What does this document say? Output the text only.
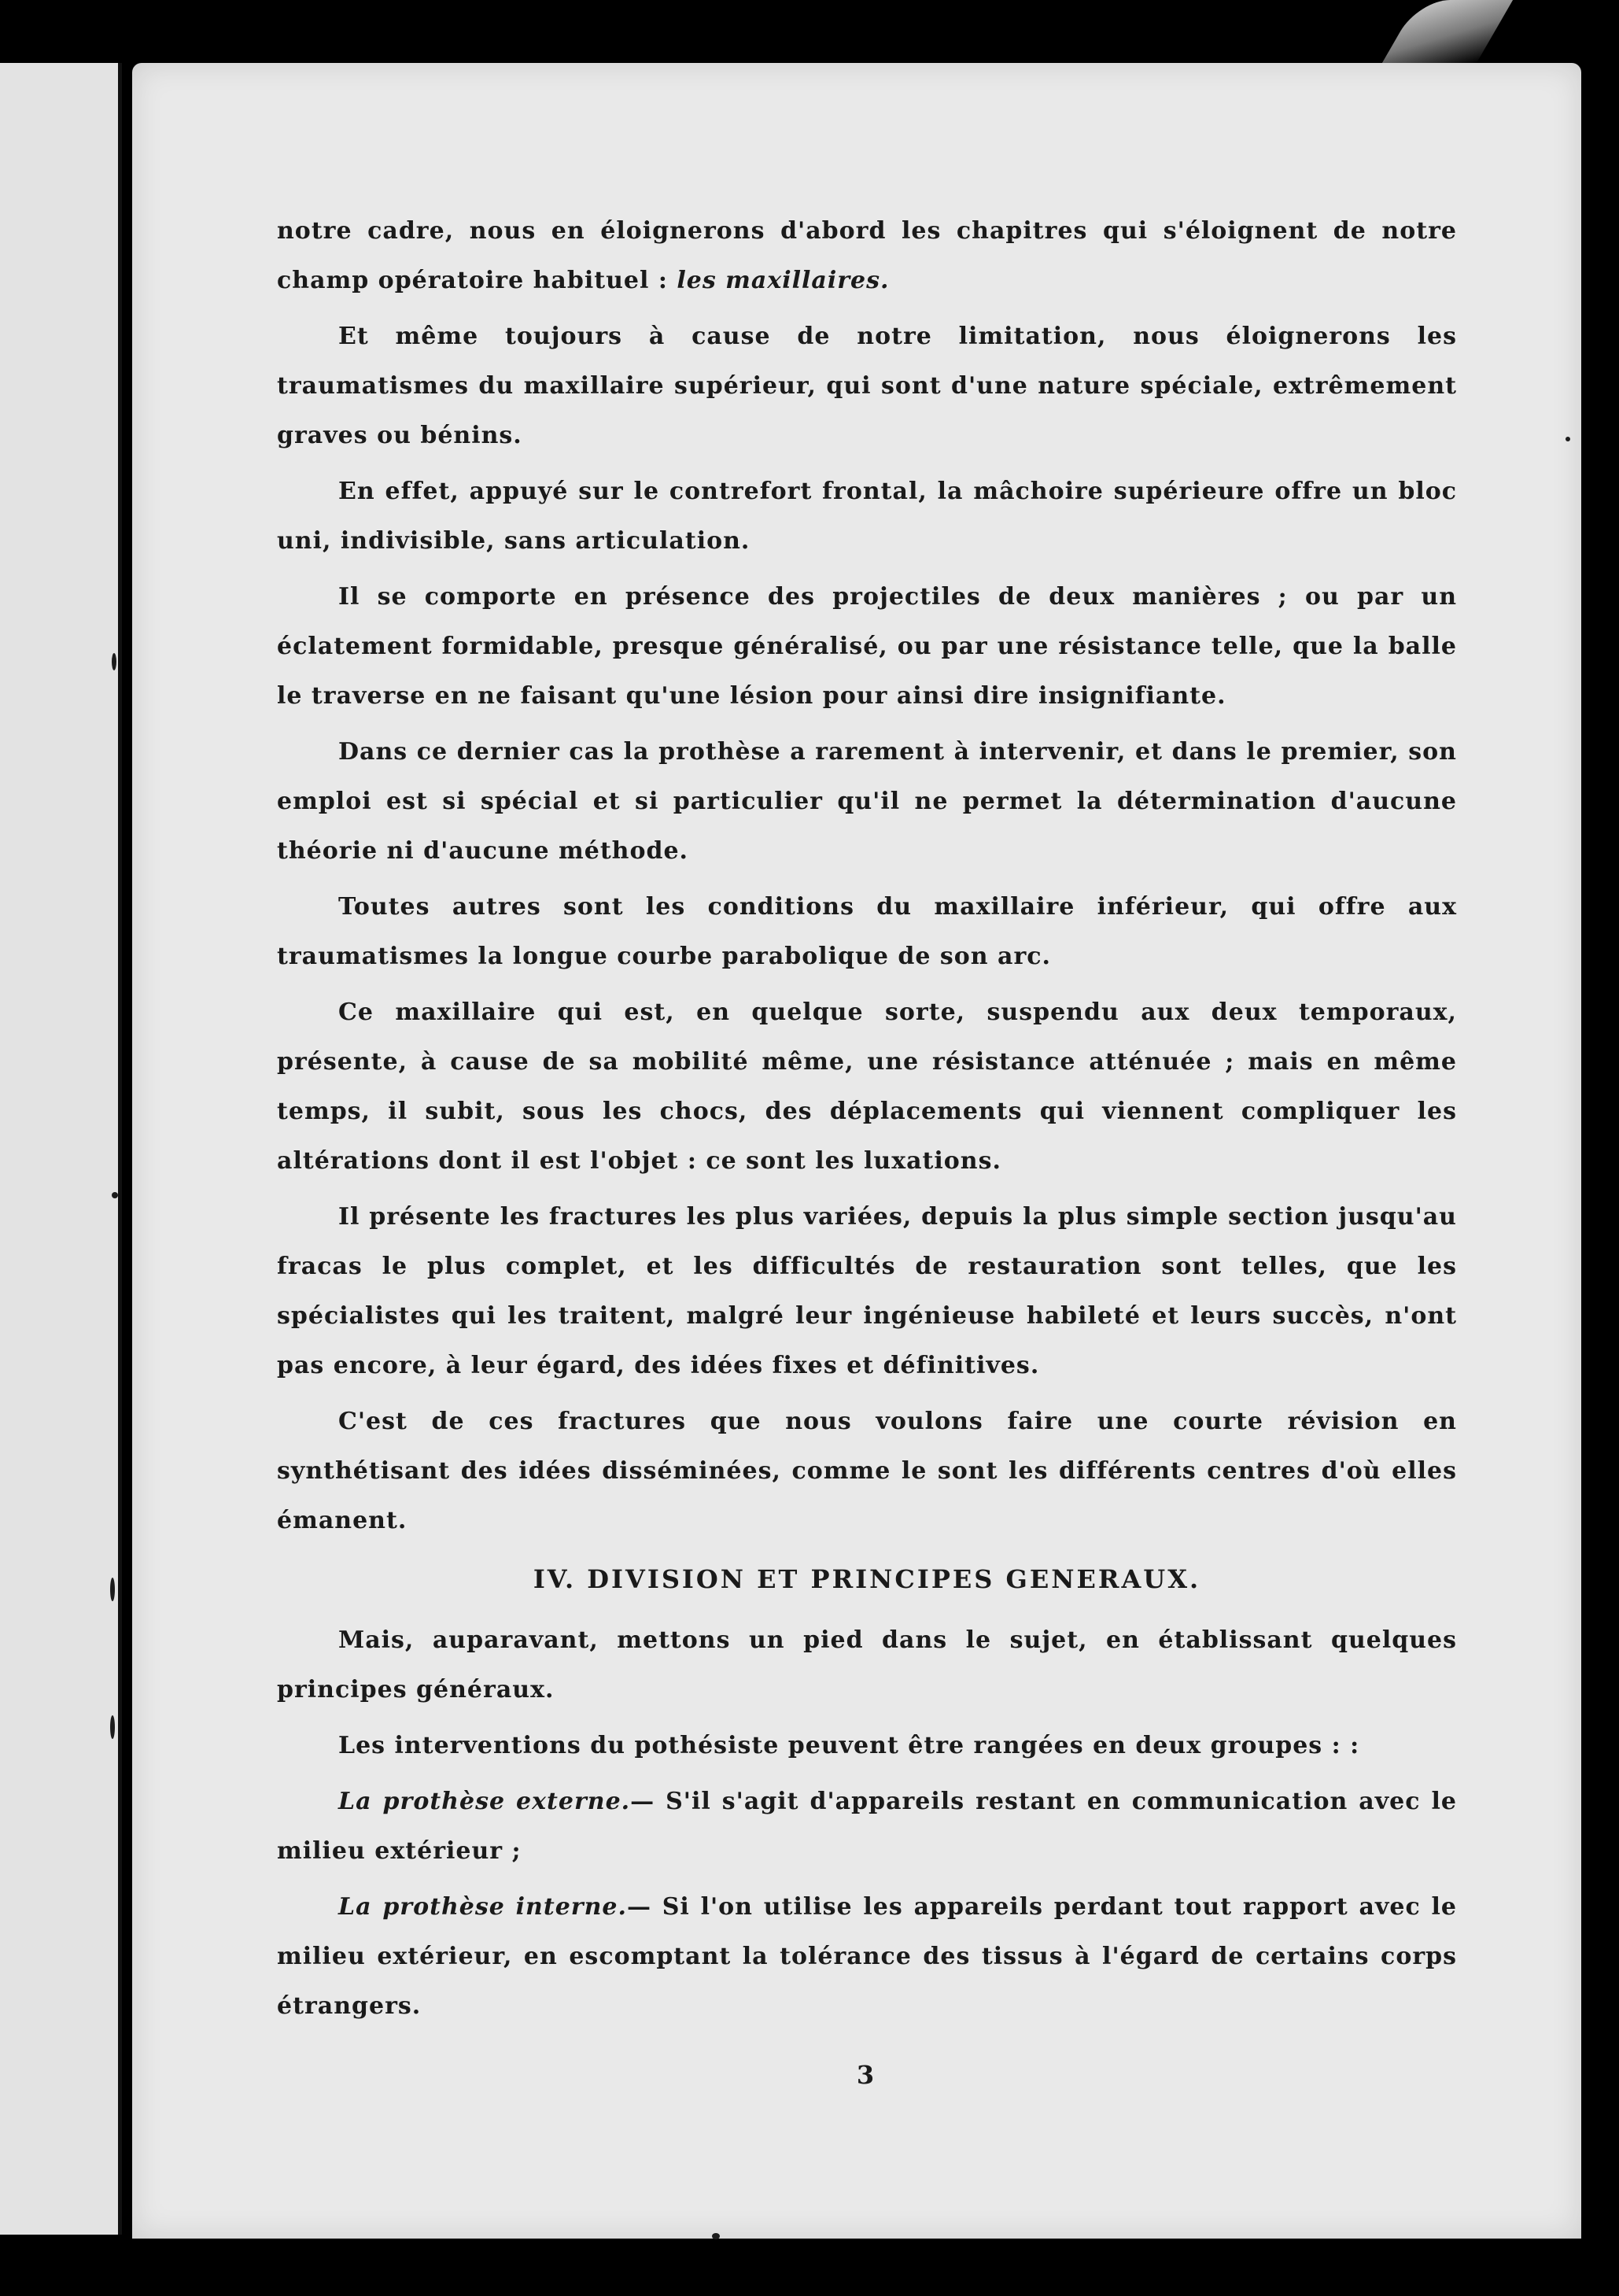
notre cadre, nous en éloignerons d'abord les chapitres qui s'éloignent de notre champ opératoire habituel : les maxillaires.

Et même toujours à cause de notre limitation, nous éloignerons les traumatismes du maxillaire supérieur, qui sont d'une nature spéciale, extrêmement graves ou bénins.

En effet, appuyé sur le contrefort frontal, la mâchoire supérieure offre un bloc uni, indivisible, sans articulation.

Il se comporte en présence des projectiles de deux manières ; ou par un éclatement formidable, presque généralisé, ou par une résistance telle, que la balle le traverse en ne faisant qu'une lésion pour ainsi dire insignifiante.

Dans ce dernier cas la prothèse a rarement à intervenir, et dans le premier, son emploi est si spécial et si particulier qu'il ne permet la détermination d'aucune théorie ni d'aucune méthode.

Toutes autres sont les conditions du maxillaire inférieur, qui offre aux traumatismes la longue courbe parabolique de son arc.

Ce maxillaire qui est, en quelque sorte, suspendu aux deux temporaux, présente, à cause de sa mobilité même, une résistance atténuée ; mais en même temps, il subit, sous les chocs, des déplacements qui viennent compliquer les altérations dont il est l'objet : ce sont les luxations.

Il présente les fractures les plus variées, depuis la plus simple section jusqu'au fracas le plus complet, et les difficultés de restauration sont telles, que les spécialistes qui les traitent, malgré leur ingénieuse habileté et leurs succès, n'ont pas encore, à leur égard, des idées fixes et définitives.

C'est de ces fractures que nous voulons faire une courte révision en synthétisant des idées disséminées, comme le sont les différents centres d'où elles émanent.

IV. DIVISION ET PRINCIPES GENERAUX.

Mais, auparavant, mettons un pied dans le sujet, en établissant quelques principes généraux.

Les interventions du pothésiste peuvent être rangées en deux groupes : :

La prothèse externe.— S'il s'agit d'appareils restant en communication avec le milieu extérieur ;

La prothèse interne.— Si l'on utilise les appareils perdant tout rapport avec le milieu extérieur, en escomptant la tolérance des tissus à l'égard de certains corps étrangers.

3
